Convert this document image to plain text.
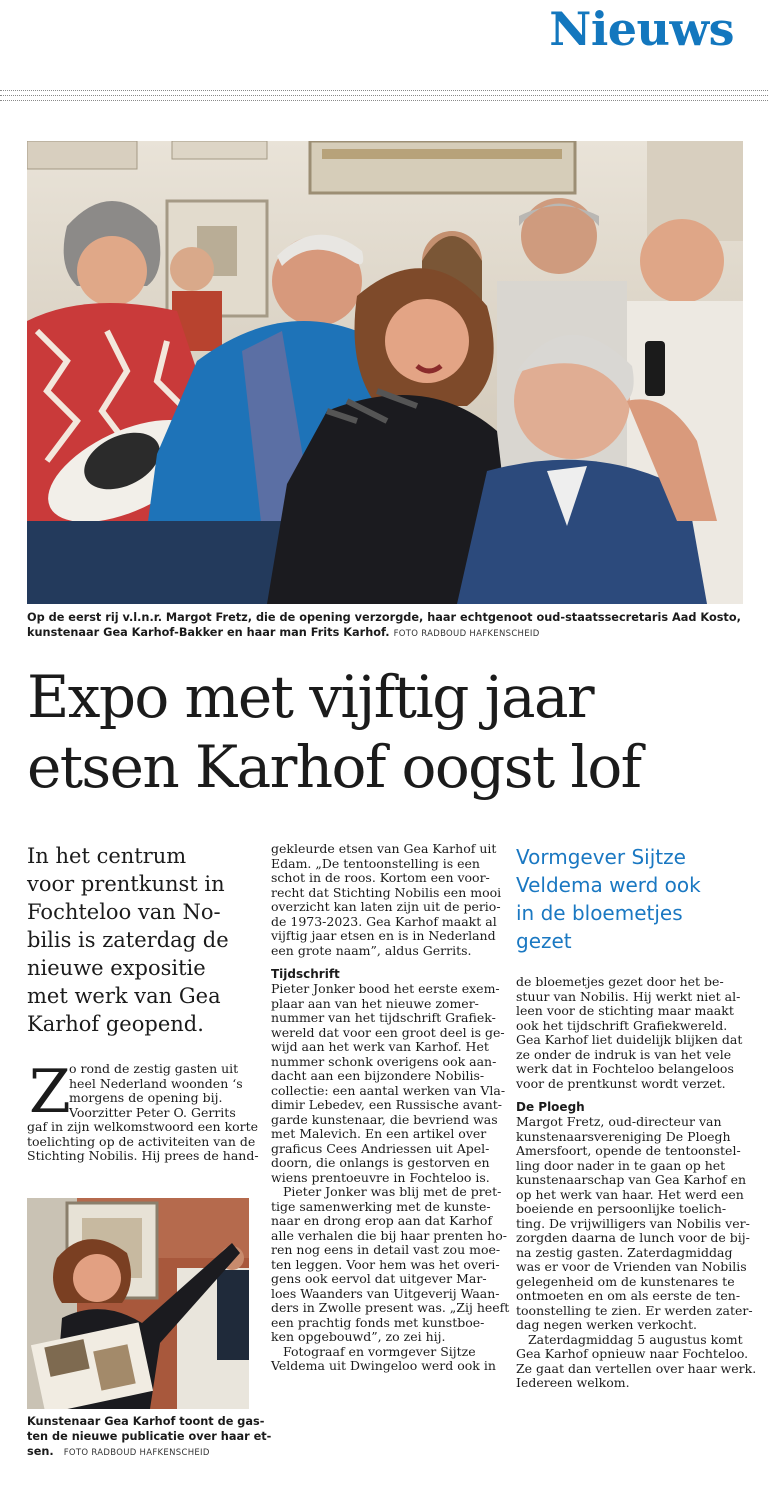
Nieuws
Op de eerst rij v.l.n.r. Margot Fretz, die de opening verzorgde, haar echtgenoot oud-staatssecretaris Aad Kosto, kunstenaar Gea Karhof-Bakker en haar man Frits Karhof. FOTO RADBOUD HAFKENSCHEID
Expo met vijftig jaar
etsen Karhof oogst lof
In het centrum
voor prentkunst in
Fochteloo van No-
bilis is zaterdag de
nieuwe expositie
met werk van Gea
Karhof geopend.
Z
o rond de zestig gasten uit
heel Nederland woonden ‘s
morgens de opening bij.
Voorzitter Peter O. Gerrits
gaf in zijn welkomstwoord een korte
toelichting op de activiteiten van de
Stichting Nobilis. Hij prees de hand-
Kunstenaar Gea Karhof toont de gas-
ten de nieuwe publicatie over haar et-
sen. FOTO RADBOUD HAFKENSCHEID
gekleurde etsen van Gea Karhof uit
Edam. „De tentoonstelling is een
schot in de roos. Kortom een voor-
recht dat Stichting Nobilis een mooi
overzicht kan laten zijn uit de perio-
de 1973-2023. Gea Karhof maakt al
vijftig jaar etsen en is in Nederland
een grote naam”, aldus Gerrits.
Tijdschrift
Pieter Jonker bood het eerste exem-
plaar aan van het nieuwe zomer-
nummer van het tijdschrift Grafiek-
wereld dat voor een groot deel is ge-
wijd aan het werk van Karhof. Het
nummer schonk overigens ook aan-
dacht aan een bijzondere Nobilis-
collectie: een aantal werken van Vla-
dimir Lebedev, een Russische avant-
garde kunstenaar, die bevriend was
met Malevich. En een artikel over
graficus Cees Andriessen uit Apel-
doorn, die onlangs is gestorven en
wiens prentoeuvre in Fochteloo is.
Pieter Jonker was blij met de pret-
tige samenwerking met de kunste-
naar en drong erop aan dat Karhof
alle verhalen die bij haar prenten ho-
ren nog eens in detail vast zou moe-
ten leggen. Voor hem was het overi-
gens ook eervol dat uitgever Mar-
loes Waanders van Uitgeverij Waan-
ders in Zwolle present was. „Zij heeft
een prachtig fonds met kunstboe-
ken opgebouwd”, zo zei hij.
Fotograaf en vormgever Sijtze
Veldema uit Dwingeloo werd ook in
Vormgever Sijtze
Veldema werd ook
in de bloemetjes
gezet
de bloemetjes gezet door het be-
stuur van Nobilis. Hij werkt niet al-
leen voor de stichting maar maakt
ook het tijdschrift Grafiekwereld.
Gea Karhof liet duidelijk blijken dat
ze onder de indruk is van het vele
werk dat in Fochteloo belangeloos
voor de prentkunst wordt verzet.
De Ploegh
Margot Fretz, oud-directeur van
kunstenaarsvereniging De Ploegh
Amersfoort, opende de tentoonstel-
ling door nader in te gaan op het
kunstenaarschap van Gea Karhof en
op het werk van haar. Het werd een
boeiende en persoonlijke toelich-
ting. De vrijwilligers van Nobilis ver-
zorgden daarna de lunch voor de bij-
na zestig gasten. Zaterdagmiddag
was er voor de Vrienden van Nobilis
gelegenheid om de kunstenares te
ontmoeten en om als eerste de ten-
toonstelling te zien. Er werden zater-
dag negen werken verkocht.
Zaterdagmiddag 5 augustus komt
Gea Karhof opnieuw naar Fochteloo.
Ze gaat dan vertellen over haar werk.
Iedereen welkom.
